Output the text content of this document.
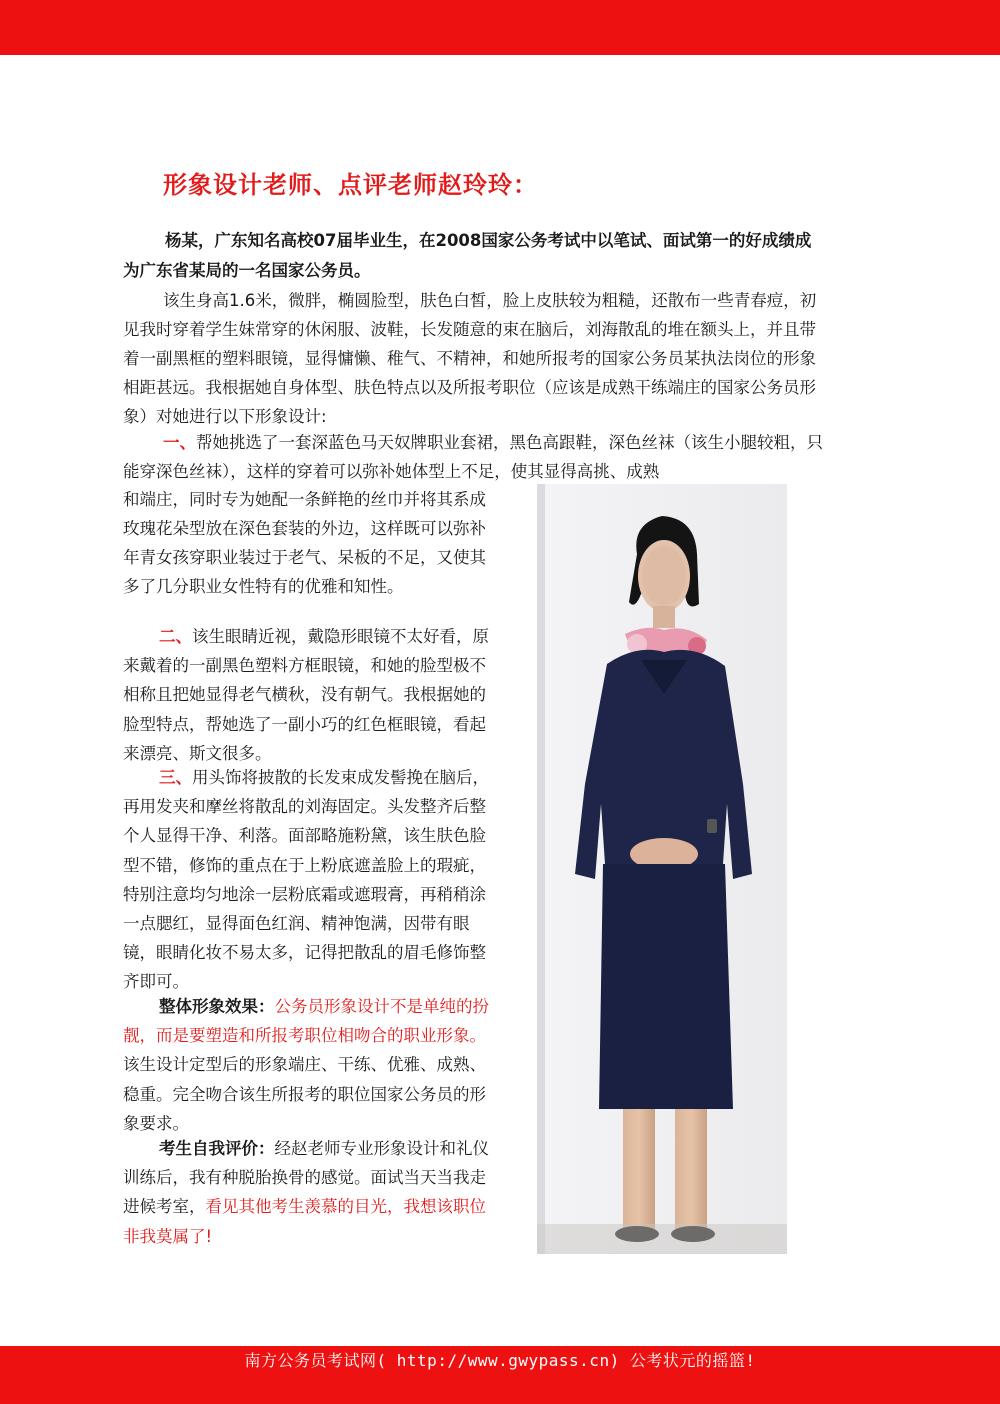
形象设计老师、点评老师赵玲玲：

杨某，广东知名高校07届毕业生，在2008国家公务考试中以笔试、面试第一的好成绩成为广东省某局的一名国家公务员。

该生身高1.6米，微胖，椭圆脸型，肤色白皙，脸上皮肤较为粗糙，还散布一些青春痘，初见我时穿着学生妹常穿的休闲服、波鞋，长发随意的束在脑后，刘海散乱的堆在额头上，并且带着一副黑框的塑料眼镜，显得慵懒、稚气、不精神，和她所报考的国家公务员某执法岗位的形象相距甚远。我根据她自身体型、肤色特点以及所报考职位（应该是成熟干练端庄的国家公务员形象）对她进行以下形象设计:

一、帮她挑选了一套深蓝色马天奴牌职业套裙，黑色高跟鞋，深色丝袜（该生小腿较粗，只能穿深色丝袜），这样的穿着可以弥补她体型上不足，使其显得高挑、成熟

和端庄，同时专为她配一条鲜艳的丝巾并将其系成玫瑰花朵型放在深色套装的外边，这样既可以弥补年青女孩穿职业装过于老气、呆板的不足，又使其多了几分职业女性特有的优雅和知性。

二、该生眼睛近视，戴隐形眼镜不太好看，原来戴着的一副黑色塑料方框眼镜，和她的脸型极不相称且把她显得老气横秋，没有朝气。我根据她的脸型特点，帮她选了一副小巧的红色框眼镜，看起来漂亮、斯文很多。

三、用头饰将披散的长发束成发髻挽在脑后，再用发夹和摩丝将散乱的刘海固定。头发整齐后整个人显得干净、利落。面部略施粉黛，该生肤色脸型不错，修饰的重点在于上粉底遮盖脸上的瑕疵，特别注意均匀地涂一层粉底霜或遮瑕膏，再稍稍涂一点腮红，显得面色红润、精神饱满，因带有眼镜，眼睛化妆不易太多，记得把散乱的眉毛修饰整齐即可。

整体形象效果：公务员形象设计不是单纯的扮靓，而是要塑造和所报考职位相吻合的职业形象。该生设计定型后的形象端庄、干练、优雅、成熟、稳重。完全吻合该生所报考的职位国家公务员的形象要求。

考生自我评价：经赵老师专业形象设计和礼仪训练后，我有种脱胎换骨的感觉。面试当天当我走进候考室，看见其他考生羡慕的目光，我想该职位非我莫属了!

南方公务员考试网( http://www.gwypass.cn) 公考状元的摇篮!
